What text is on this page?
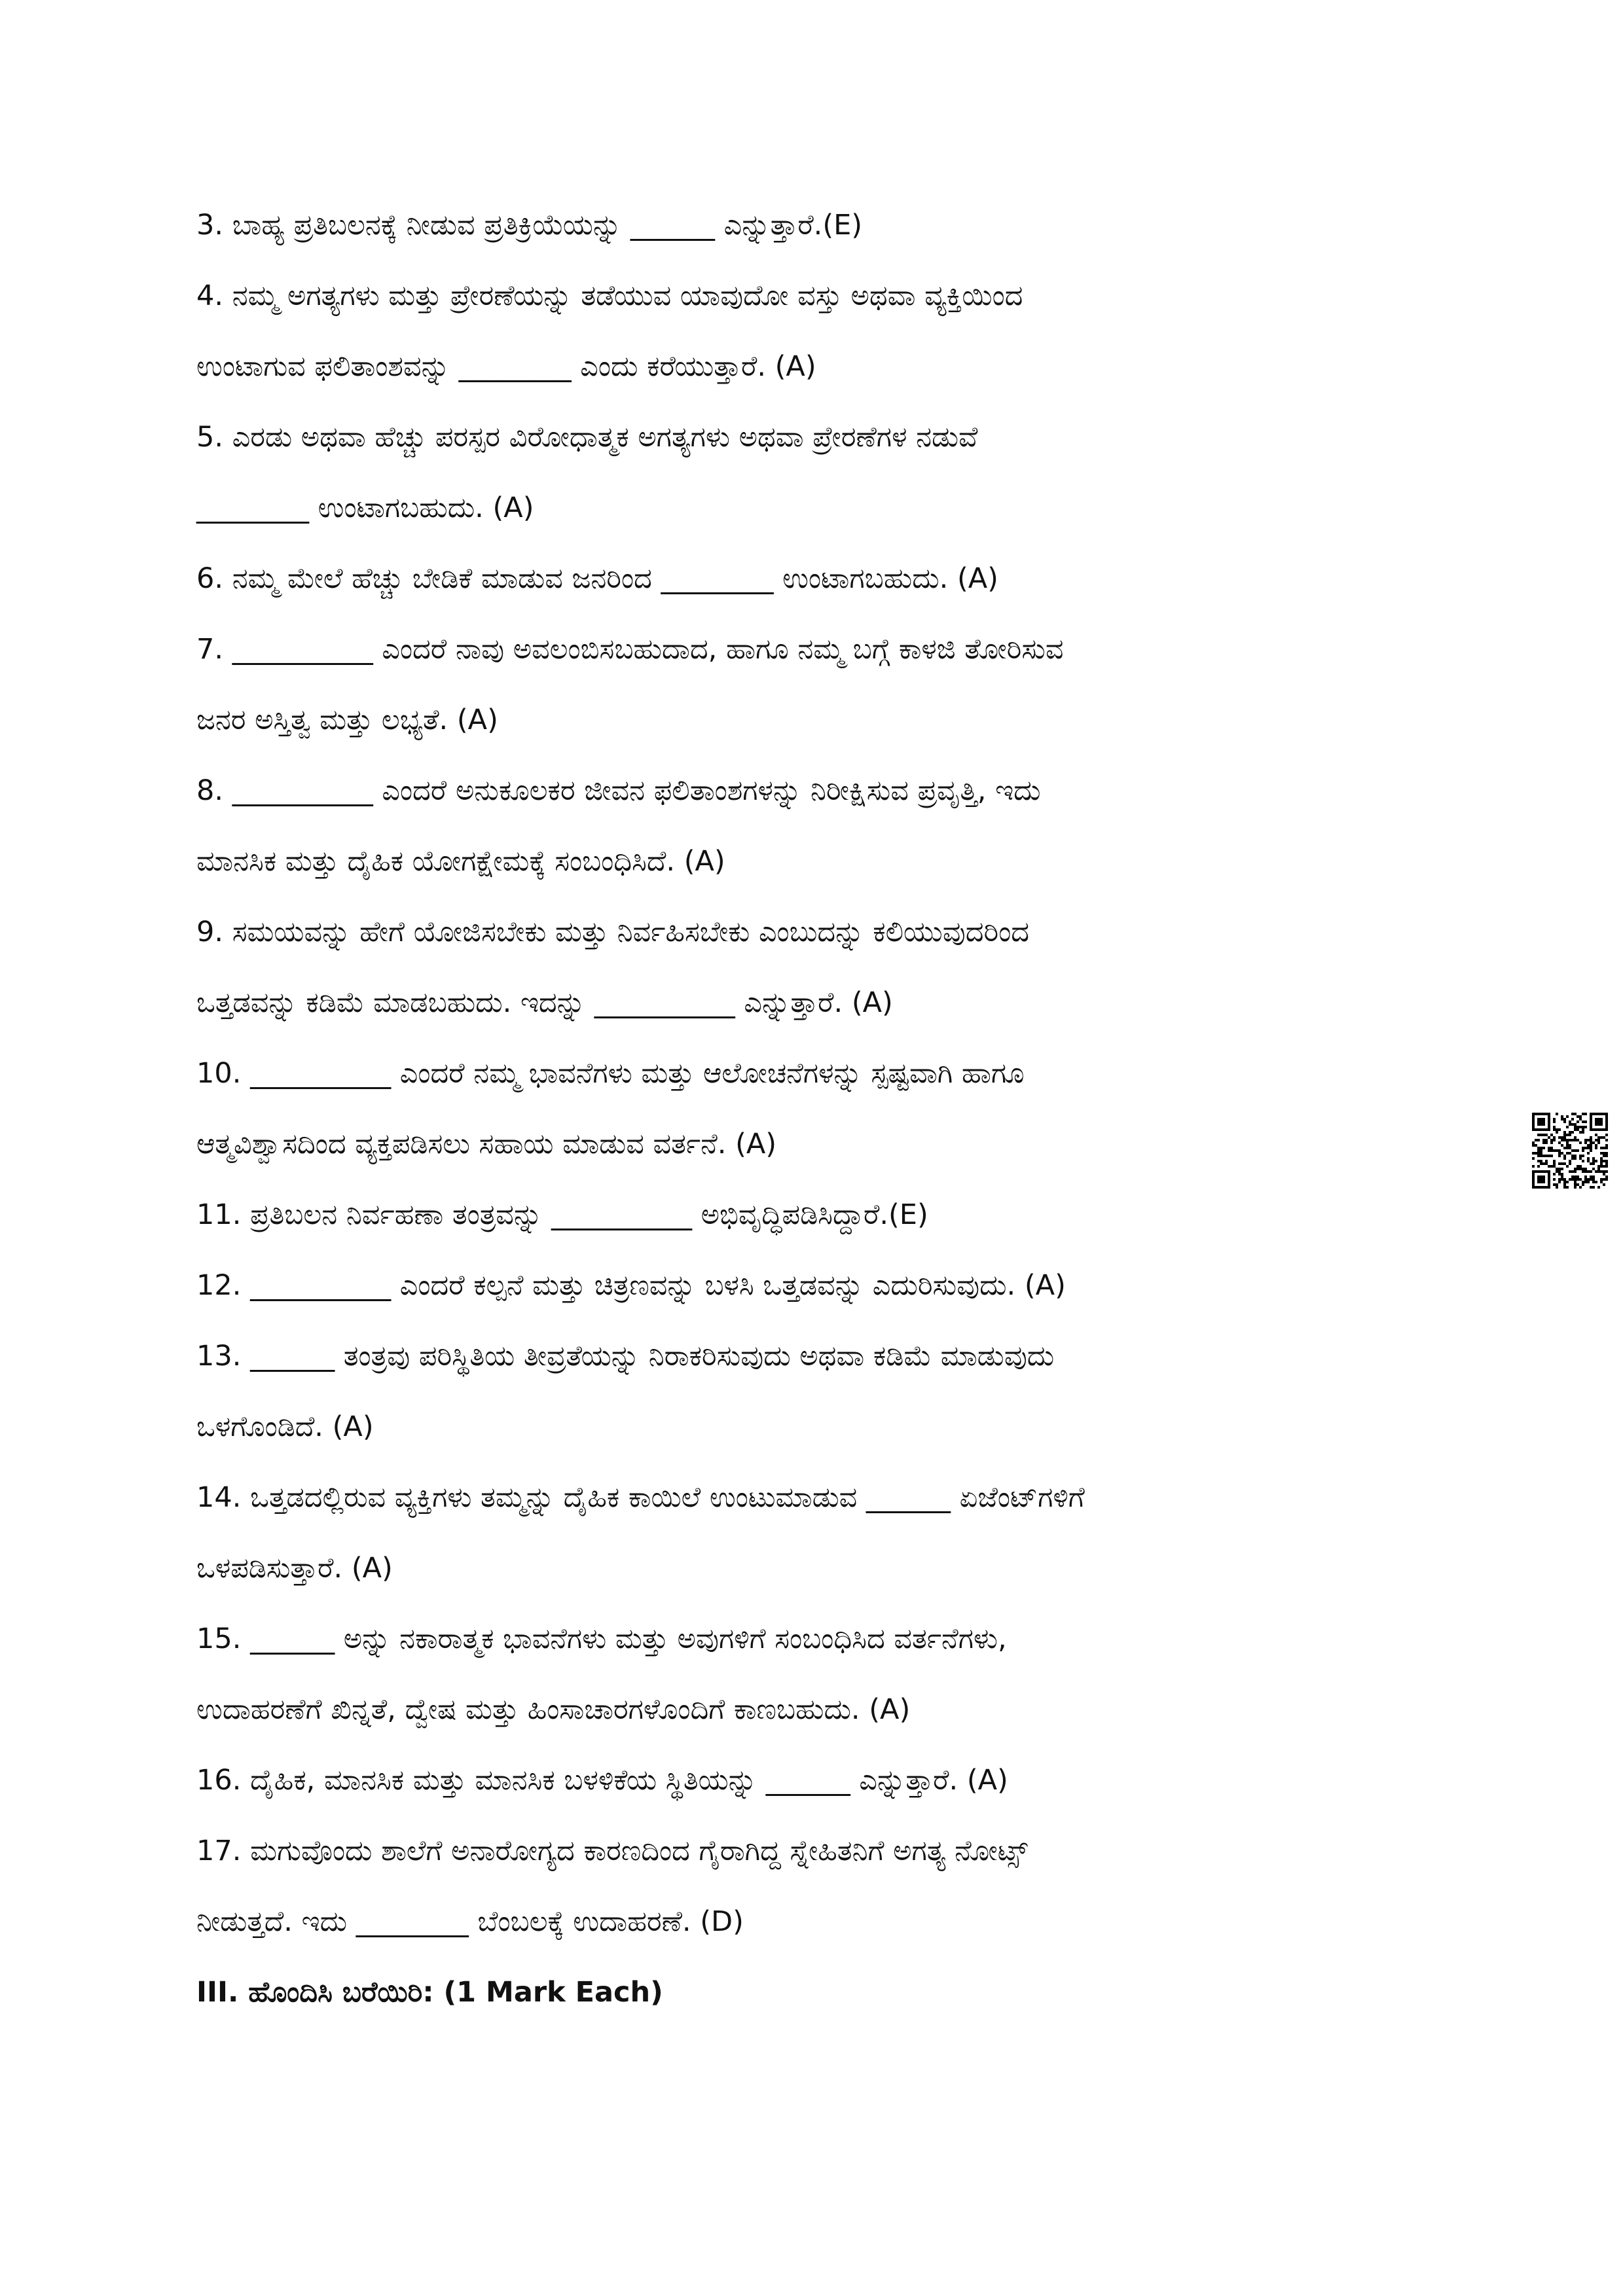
3. ಬಾಹ್ಯ ಪ್ರತಿಬಲನಕ್ಕೆ ನೀಡುವ ಪ್ರತಿಕ್ರಿಯೆಯನ್ನು ______ ಎನ್ನುತ್ತಾರೆ.(E)
4. ನಮ್ಮ ಅಗತ್ಯಗಳು ಮತ್ತು ಪ್ರೇರಣೆಯನ್ನು ತಡೆಯುವ ಯಾವುದೋ ವಸ್ತು ಅಥವಾ ವ್ಯಕ್ತಿಯಿಂದ
ಉಂಟಾಗುವ ಫಲಿತಾಂಶವನ್ನು ________ ಎಂದು ಕರೆಯುತ್ತಾರೆ. (A)
5. ಎರಡು ಅಥವಾ ಹೆಚ್ಚು ಪರಸ್ಪರ ವಿರೋಧಾತ್ಮಕ ಅಗತ್ಯಗಳು ಅಥವಾ ಪ್ರೇರಣೆಗಳ ನಡುವೆ
________ ಉಂಟಾಗಬಹುದು. (A)
6. ನಮ್ಮ ಮೇಲೆ ಹೆಚ್ಚು ಬೇಡಿಕೆ ಮಾಡುವ ಜನರಿಂದ ________ ಉಂಟಾಗಬಹುದು. (A)
7. __________ ಎಂದರೆ ನಾವು ಅವಲಂಬಿಸಬಹುದಾದ, ಹಾಗೂ ನಮ್ಮ ಬಗ್ಗೆ ಕಾಳಜಿ ತೋರಿಸುವ
ಜನರ ಅಸ್ತಿತ್ವ ಮತ್ತು ಲಭ್ಯತೆ. (A)
8. __________ ಎಂದರೆ ಅನುಕೂಲಕರ ಜೀವನ ಫಲಿತಾಂಶಗಳನ್ನು ನಿರೀಕ್ಷಿಸುವ ಪ್ರವೃತ್ತಿ, ಇದು
ಮಾನಸಿಕ ಮತ್ತು ದೈಹಿಕ ಯೋಗಕ್ಷೇಮಕ್ಕೆ ಸಂಬಂಧಿಸಿದೆ. (A)
9. ಸಮಯವನ್ನು ಹೇಗೆ ಯೋಜಿಸಬೇಕು ಮತ್ತು ನಿರ್ವಹಿಸಬೇಕು ಎಂಬುದನ್ನು ಕಲಿಯುವುದರಿಂದ
ಒತ್ತಡವನ್ನು ಕಡಿಮೆ ಮಾಡಬಹುದು. ಇದನ್ನು __________ ಎನ್ನುತ್ತಾರೆ. (A)
10. __________ ಎಂದರೆ ನಮ್ಮ ಭಾವನೆಗಳು ಮತ್ತು ಆಲೋಚನೆಗಳನ್ನು ಸ್ಪಷ್ಟವಾಗಿ ಹಾಗೂ
ಆತ್ಮವಿಶ್ವಾಸದಿಂದ ವ್ಯಕ್ತಪಡಿಸಲು ಸಹಾಯ ಮಾಡುವ ವರ್ತನೆ. (A)
11. ಪ್ರತಿಬಲನ ನಿರ್ವಹಣಾ ತಂತ್ರವನ್ನು __________ ಅಭಿವೃದ್ಧಿಪಡಿಸಿದ್ದಾರೆ.(E)
12. __________ ಎಂದರೆ ಕಲ್ಪನೆ ಮತ್ತು ಚಿತ್ರಣವನ್ನು ಬಳಸಿ ಒತ್ತಡವನ್ನು ಎದುರಿಸುವುದು. (A)
13. ______ ತಂತ್ರವು ಪರಿಸ್ಥಿತಿಯ ತೀವ್ರತೆಯನ್ನು ನಿರಾಕರಿಸುವುದು ಅಥವಾ ಕಡಿಮೆ ಮಾಡುವುದು
ಒಳಗೊಂಡಿದೆ. (A)
14. ಒತ್ತಡದಲ್ಲಿರುವ ವ್ಯಕ್ತಿಗಳು ತಮ್ಮನ್ನು ದೈಹಿಕ ಕಾಯಿಲೆ ಉಂಟುಮಾಡುವ ______ ಏಜೆಂಟ್‌ಗಳಿಗೆ
ಒಳಪಡಿಸುತ್ತಾರೆ. (A)
15. ______ ಅನ್ನು ನಕಾರಾತ್ಮಕ ಭಾವನೆಗಳು ಮತ್ತು ಅವುಗಳಿಗೆ ಸಂಬಂಧಿಸಿದ ವರ್ತನೆಗಳು,
ಉದಾಹರಣೆಗೆ ಖಿನ್ನತೆ, ದ್ವೇಷ ಮತ್ತು ಹಿಂಸಾಚಾರಗಳೊಂದಿಗೆ ಕಾಣಬಹುದು. (A)
16. ದೈಹಿಕ, ಮಾನಸಿಕ ಮತ್ತು ಮಾನಸಿಕ ಬಳಳಿಕೆಯ ಸ್ಥಿತಿಯನ್ನು ______ ಎನ್ನುತ್ತಾರೆ. (A)
17. ಮಗುವೊಂದು ಶಾಲೆಗೆ ಅನಾರೋಗ್ಯದ ಕಾರಣದಿಂದ ಗೈರಾಗಿದ್ದ ಸ್ನೇಹಿತನಿಗೆ ಅಗತ್ಯ ನೋಟ್ಸ್
ನೀಡುತ್ತದೆ. ಇದು ________ ಬೆಂಬಲಕ್ಕೆ ಉದಾಹರಣೆ. (D)
III. ಹೊಂದಿಸಿ ಬರೆಯಿರಿ: (1 Mark Each)
